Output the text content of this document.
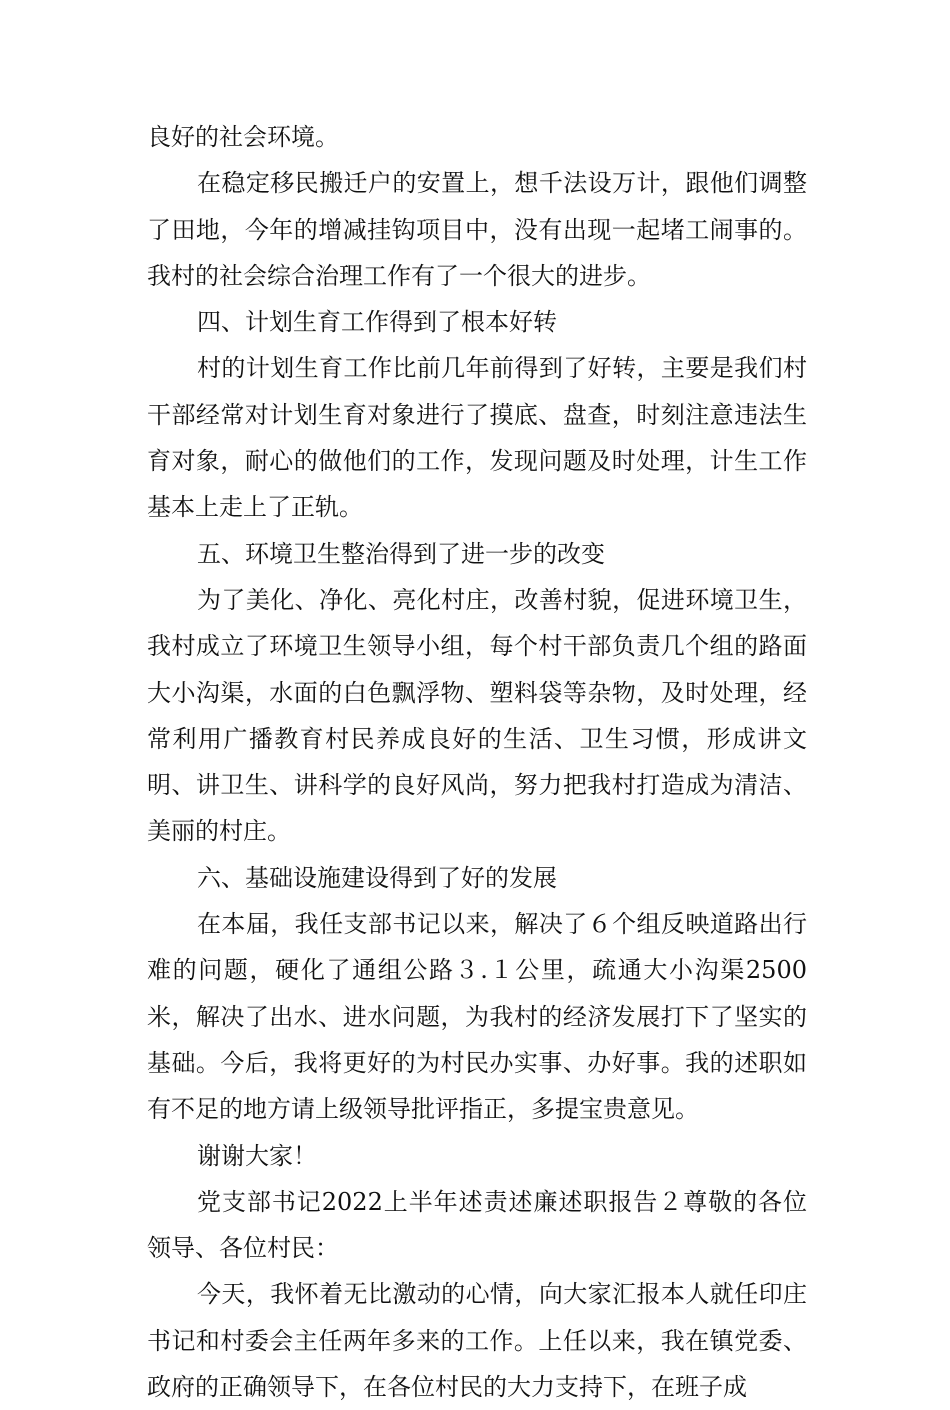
良好的社会环境。

在稳定移民搬迁户的安置上，想千法设万计，跟他们调整了田地，今年的增减挂钩项目中，没有出现一起堵工闹事的。我村的社会综合治理工作有了一个很大的进步。

四、计划生育工作得到了根本好转

村的计划生育工作比前几年前得到了好转，主要是我们村干部经常对计划生育对象进行了摸底、盘查，时刻注意违法生育对象，耐心的做他们的工作，发现问题及时处理，计生工作基本上走上了正轨。

五、环境卫生整治得到了进一步的改变

为了美化、净化、亮化村庄，改善村貌，促进环境卫生，我村成立了环境卫生领导小组，每个村干部负责几个组的路面大小沟渠，水面的白色飘浮物、塑料袋等杂物，及时处理，经常利用广播教育村民养成良好的生活、卫生习惯，形成讲文明、讲卫生、讲科学的良好风尚，努力把我村打造成为清洁、美丽的村庄。

六、基础设施建设得到了好的发展

在本届，我任支部书记以来，解决了６个组反映道路出行难的问题，硬化了通组公路３.１公里，疏通大小沟渠2500米，解决了出水、进水问题，为我村的经济发展打下了坚实的基础。今后，我将更好的为村民办实事、办好事。我的述职如有不足的地方请上级领导批评指正，多提宝贵意见。

谢谢大家！

党支部书记2022上半年述责述廉述职报告２尊敬的各位领导、各位村民：

今天，我怀着无比激动的心情，向大家汇报本人就任印庄书记和村委会主任两年多来的工作。上任以来，我在镇党委、政府的正确领导下，在各位村民的大力支持下，在班子成
